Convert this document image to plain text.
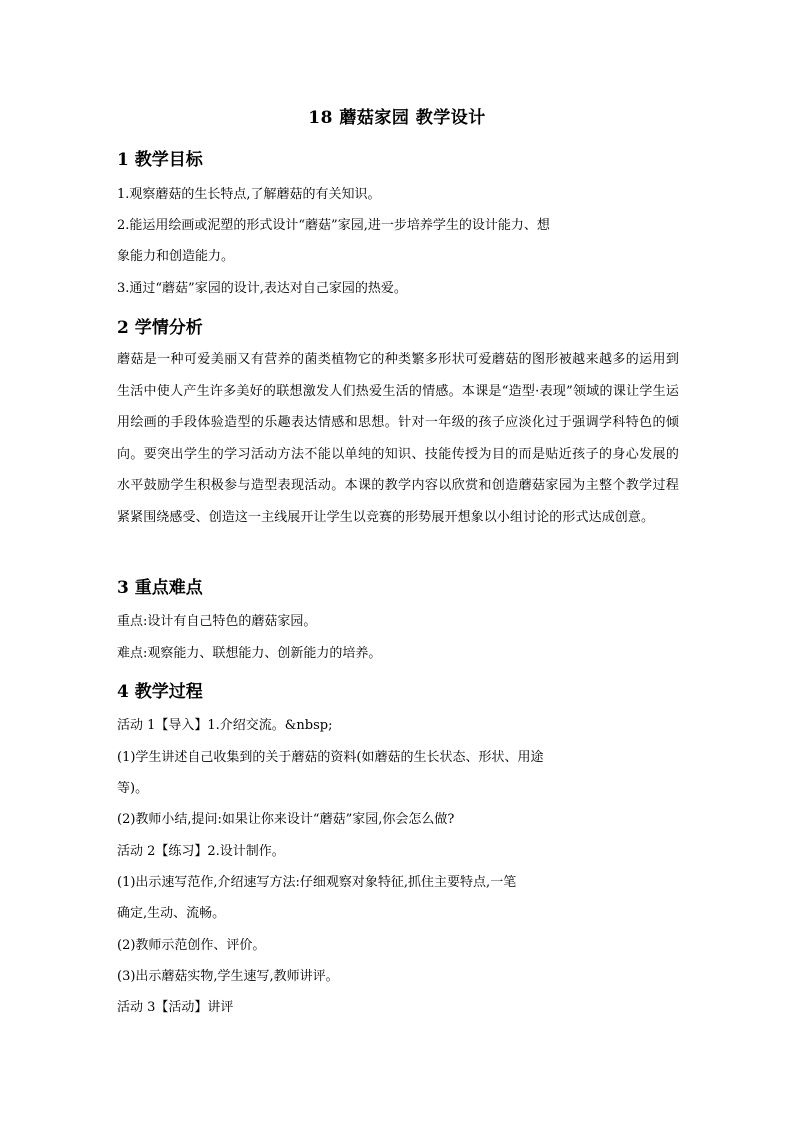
18 蘑菇家园 教学设计
1 教学目标
1.观察蘑菇的生长特点,了解蘑菇的有关知识。
2.能运用绘画或泥塑的形式设计“蘑菇”家园,进一步培养学生的设计能力、想
象能力和创造能力。
3.通过“蘑菇”家园的设计,表达对自己家园的热爱。
2 学情分析
蘑菇是一种可爱美丽又有营养的菌类植物它的种类繁多形状可爱蘑菇的图形被越来越多的运用到生活中使人产生许多美好的联想激发人们热爱生活的情感。本课是“造型·表现”领域的课让学生运用绘画的手段体验造型的乐趣表达情感和思想。针对一年级的孩子应淡化过于强调学科特色的倾向。要突出学生的学习活动方法不能以单纯的知识、技能传授为目的而是贴近孩子的身心发展的水平鼓励学生积极参与造型表现活动。本课的教学内容以欣赏和创造蘑菇家园为主整个教学过程紧紧围绕感受、创造这一主线展开让学生以竞赛的形势展开想象以小组讨论的形式达成创意。
3 重点难点
重点:设计有自己特色的蘑菇家园。
难点:观察能力、联想能力、创新能力的培养。
4 教学过程
活动 1【导入】1.介绍交流。&nbsp;
(1)学生讲述自己收集到的关于蘑菇的资料(如蘑菇的生长状态、形状、用途
等)。
(2)教师小结,提问:如果让你来设计“蘑菇”家园,你会怎么做?
活动 2【练习】2.设计制作。
(1)出示速写范作,介绍速写方法:仔细观察对象特征,抓住主要特点,一笔
确定,生动、流畅。
(2)教师示范创作、评价。
(3)出示蘑菇实物,学生速写,教师讲评。
活动 3【活动】讲评
